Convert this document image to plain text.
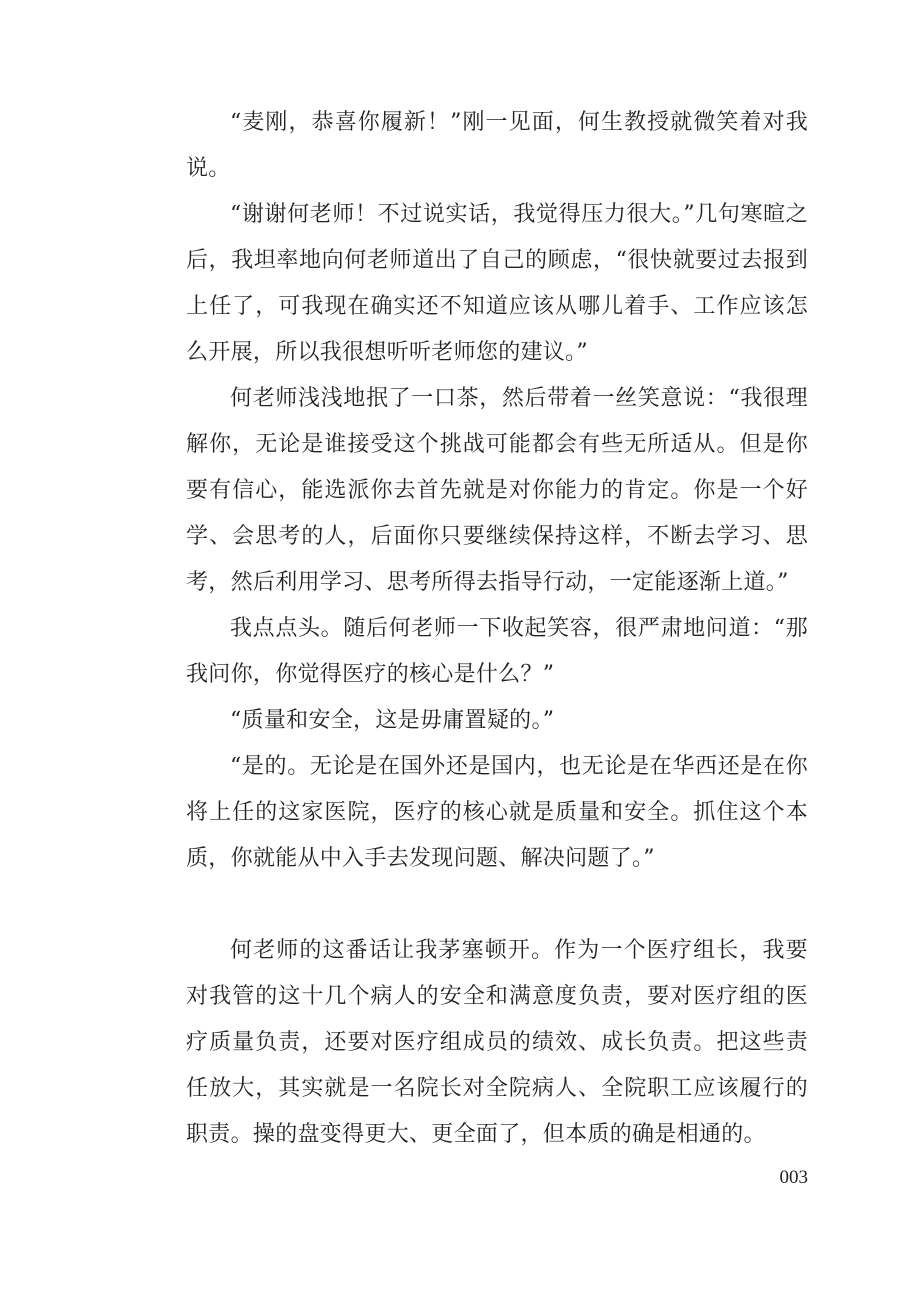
“麦刚，恭喜你履新！”刚一见面，何生教授就微笑着对我说。

“谢谢何老师！不过说实话，我觉得压力很大。”几句寒暄之后，我坦率地向何老师道出了自己的顾虑，“很快就要过去报到上任了，可我现在确实还不知道应该从哪儿着手、工作应该怎么开展，所以我很想听听老师您的建议。”

何老师浅浅地抿了一口茶，然后带着一丝笑意说：“我很理解你，无论是谁接受这个挑战可能都会有些无所适从。但是你要有信心，能选派你去首先就是对你能力的肯定。你是一个好学、会思考的人，后面你只要继续保持这样，不断去学习、思考，然后利用学习、思考所得去指导行动，一定能逐渐上道。”

我点点头。随后何老师一下收起笑容，很严肃地问道：“那我问你，你觉得医疗的核心是什么？”

“质量和安全，这是毋庸置疑的。”

“是的。无论是在国外还是国内，也无论是在华西还是在你将上任的这家医院，医疗的核心就是质量和安全。抓住这个本质，你就能从中入手去发现问题、解决问题了。”

何老师的这番话让我茅塞顿开。作为一个医疗组长，我要对我管的这十几个病人的安全和满意度负责，要对医疗组的医疗质量负责，还要对医疗组成员的绩效、成长负责。把这些责任放大，其实就是一名院长对全院病人、全院职工应该履行的职责。操的盘变得更大、更全面了，但本质的确是相通的。

003
